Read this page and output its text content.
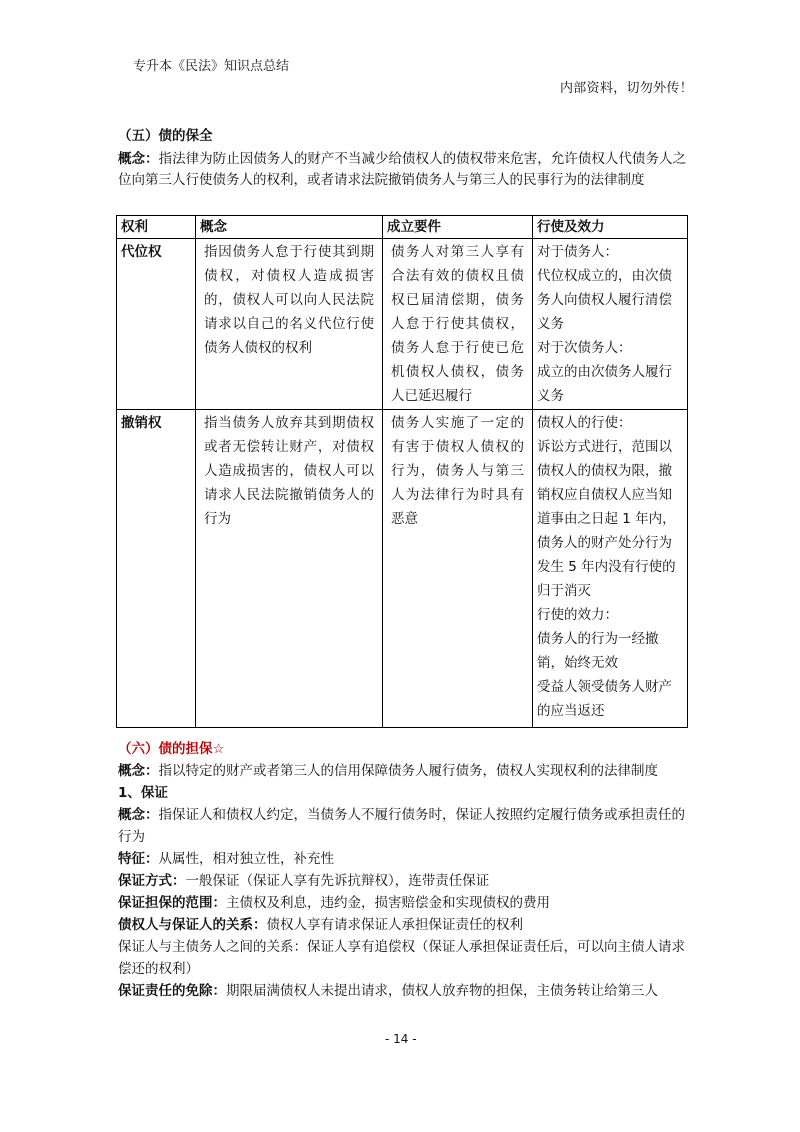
专升本《民法》知识点总结
内部资料，切勿外传！
（五）债的保全
概念：指法律为防止因债务人的财产不当减少给债权人的债权带来危害，允许债权人代债务人之位向第三人行使债务人的权利，或者请求法院撤销债务人与第三人的民事行为的法律制度
权利	概念	成立要件	行使及效力
代位权	指因债务人怠于行使其到期债权，对债权人造成损害的，债权人可以向人民法院请求以自己的名义代位行使债务人债权的权利	债务人对第三人享有合法有效的债权且债权已届清偿期，债务人怠于行使其债权，债务人怠于行使已危机债权人债权，债务人已延迟履行	对于债务人：
代位权成立的，由次债务人向债权人履行清偿义务
对于次债务人：
成立的由次债务人履行义务

撤销权	指当债务人放弃其到期债权或者无偿转让财产，对债权人造成损害的，债权人可以请求人民法院撤销债务人的行为	债务人实施了一定的有害于债权人债权的行为，债务人与第三人为法律行为时具有恶意	债权人的行使：
诉讼方式进行，范围以债权人的债权为限，撤销权应自债权人应当知道事由之日起 1 年内，债务人的财产处分行为发生 5 年内没有行使的归于消灭
行使的效力：
债务人的行为一经撤销，始终无效
受益人领受债务人财产的应当返还
（六）债的担保☆
概念：指以特定的财产或者第三人的信用保障债务人履行债务，债权人实现权利的法律制度
1、保证
概念：指保证人和债权人约定，当债务人不履行债务时，保证人按照约定履行债务或承担责任的行为
特征：从属性，相对独立性，补充性
保证方式：一般保证（保证人享有先诉抗辩权），连带责任保证
保证担保的范围：主债权及利息，违约金，损害赔偿金和实现债权的费用
债权人与保证人的关系：债权人享有请求保证人承担保证责任的权利
保证人与主债务人之间的关系：保证人享有追偿权（保证人承担保证责任后，可以向主债人请求偿还的权利）
保证责任的免除：期限届满债权人未提出请求，债权人放弃物的担保，主债务转让给第三人
- 14 -
